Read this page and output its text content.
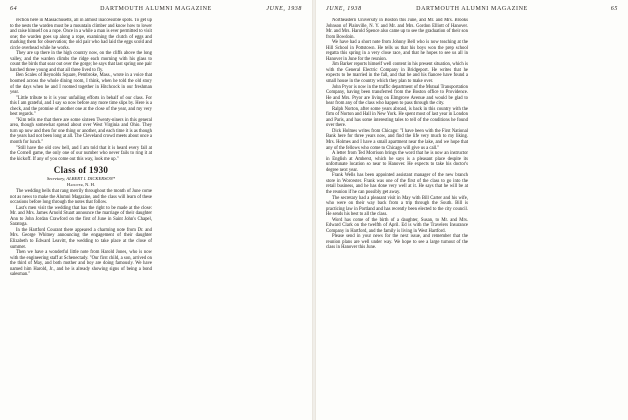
64	DARTMOUTH ALUMNI MAGAZINE	JUNE, 1938

rection here in Massachusetts, all in almost inaccessible spots. To get up to the nests the warden must be a mountain climber and know how to lower and raise himself on a rope. Once in a while a man is ever permitted to visit one; the warden goes up along a rope, examining the clutch of eggs and marking them for observation; the old pair who had laid the eggs scold and circle overhead while he works.

They are up there in the high country now, on the cliffs above the long valley, and the warden climbs the ridge each morning with his glass to count the birds that soar out over the gorge; he says that last spring one pair hatched three young and that all three lived to fly.

Ben Scales of Reynolds Square, Pembroke, Mass., wrote in a voice that boomed across the whole dining room, I think, when he told the old story of the days when he and I roomed together in Hitchcock in our freshman year.

"Little tribute to it is your unfailing efforts in behalf of our class. For this I am grateful, and I say so now before any more time slips by. Here is a check, and the promise of another one at the close of the year, and my very best regards."

"Kim tells me that there are some sixteen Twenty-niners in this general area, though somewhat spread about over West Virginia and Ohio. They turn up now and then for one thing or another, and each time it is as though the years had not been long at all. The Cleveland crowd meets about once a month for lunch."

"Still have the old cow bell, and I am told that it is heard every fall at the Cornell game, the only one of our number who never fails to ring it at the kickoff. If any of you come out this way, look me up."

Class of 1930
Secretary, ALBERT I. DICKERSON*
Hanover, N. H.

The wedding bells that rang merrily throughout the month of June come not as news to make the Alumni Magazine, and the class will learn of these occasions before long through the notes that follow.

Last's men visit the wedding that has the right to be made at the close: Mr. and Mrs. James Arnold Stuart announce the marriage of their daughter Ann to John Jordan Crawford on the first of June in Saint John's Chapel, Saratoga.

In the Hartford Courant there appeared a charming note from Dr. and Mrs. George Whitney announcing the engagement of their daughter Elizabeth to Edward Leavitt, the wedding to take place at the close of summer.

Then we have a wonderful little note from Harold Jones, who is now with the engineering staff at Schenectady. "Our first child, a son, arrived on the third of May, and both mother and boy are doing famously. We have named him Harold, Jr., and he is already showing signs of being a bond salesman."

JUNE, 1938	DARTMOUTH ALUMNI MAGAZINE	65

Northeastern University in Boston this June, and Mr. and Mrs. Brooks Johnson of Plainville, N. Y. and Mr. and Mrs. Gordon Elliott of Hanover. Mr. and Mrs. Harold Spence also came up to see the graduation of their son from Bowdoin.

We have had a short note from Johnny Bell who is now teaching at the Hill School in Pottstown. He tells us that his boys won the prep school regatta this spring in a very close race, and that he hopes to see us all in Hanover in June for the reunion.

Jim Barker reports himself well content in his present situation, which is with the General Electric Company in Bridgeport. He writes that he expects to be married in the fall, and that he and his fiancee have found a small house in the country which they plan to make over.

John Pryor is now in the traffic department of the Mutual Transportation Company, having been transferred from the Boston office to Providence. He and Mrs. Pryor are living on Elmgrove Avenue and would be glad to hear from any of the class who happen to pass through the city.

Ralph Norton, after some years abroad, is back in this country with the firm of Norton and Hall in New York. He spent most of last year in London and Paris, and has some interesting tales to tell of the conditions he found over there.

Dick Holmes writes from Chicago: "I have been with the First National Bank here for three years now, and find the life very much to my liking. Mrs. Holmes and I have a small apartment near the lake, and we hope that any of the fellows who come to Chicago will give us a call."

A letter from Ted Morrison brings the word that he is now an instructor in English at Amherst, which he says is a pleasant place despite its unfortunate location so near to Hanover. He expects to take his doctor's degree next year.

Frank Wells has been appointed assistant manager of the new branch store in Worcester. Frank was one of the first of the class to go into the retail business, and he has done very well at it. He says that he will be at the reunion if he can possibly get away.

The secretary had a pleasant visit in May with Bill Carter and his wife, who were on their way back from a trip through the South. Bill is practicing law in Portland and has recently been elected to the city council. He sends his best to all the class.

Word has come of the birth of a daughter, Susan, to Mr. and Mrs. Edward Clark on the twelfth of April. Ed is with the Travelers Insurance Company in Hartford, and the family is living in West Hartford.

Please send in your news for the next issue, and remember that the reunion plans are well under way. We hope to see a large turnout of the class in Hanover this June.
